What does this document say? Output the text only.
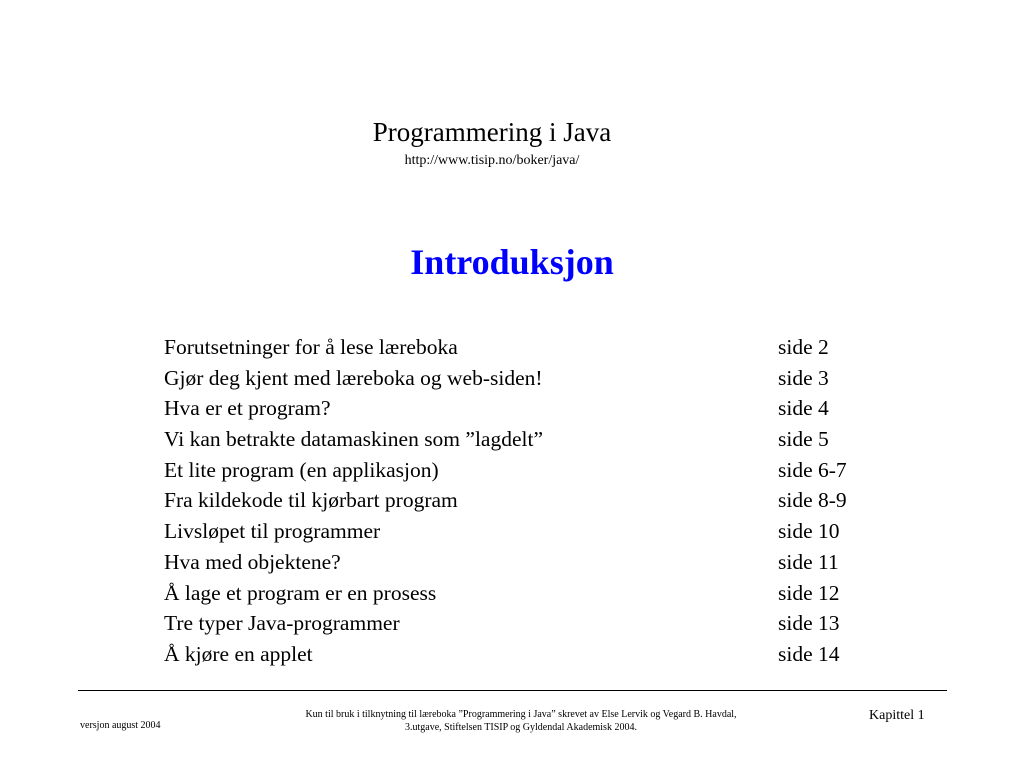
Programmering i Java
http://www.tisip.no/boker/java/
Introduksjon
Forutsetninger for å lese læreboka	side 2
Gjør deg kjent med læreboka og web-siden!	side 3
Hva er et program?	side 4
Vi kan betrakte datamaskinen som ”lagdelt”	side 5
Et lite program (en applikasjon)	side 6-7
Fra kildekode til kjørbart program	side 8-9
Livsløpet til programmer	side 10
Hva med objektene?	side 11
Å lage et program er en prosess	side 12
Tre typer Java-programmer	side 13
Å kjøre en applet	side 14
versjon august 2004
Kun til bruk i tilknytning til læreboka ”Programmering i Java” skrevet av Else Lervik og Vegard B. Havdal,
3.utgave, Stiftelsen TISIP og Gyldendal Akademisk 2004.
Kapittel 1
